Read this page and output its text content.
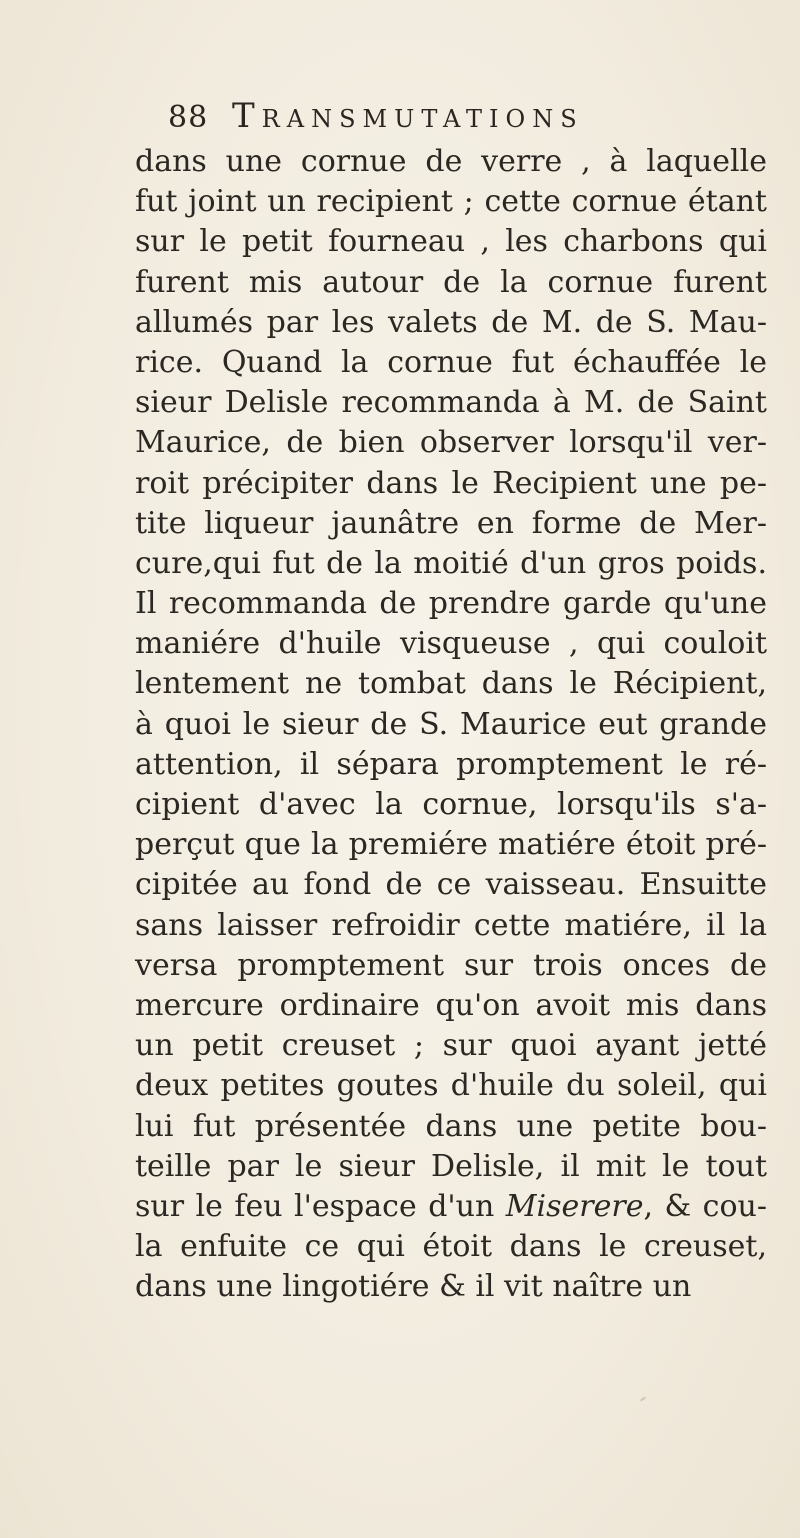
88 Transmutations
dans une cornue de verre , à laquelle
fut joint un recipient ; cette cornue étant
sur le petit fourneau , les charbons qui
furent mis autour de la cornue furent
allumés par les valets de M. de S. Mau-
rice. Quand la cornue fut échauffée le
sieur Delisle recommanda à M. de Saint
Maurice, de bien observer lorsqu'il ver-
roit précipiter dans le Recipient une pe-
tite liqueur jaunâtre en forme de Mer-
cure,qui fut de la moitié d'un gros poids.
Il recommanda de prendre garde qu'une
maniére d'huile visqueuse , qui couloit
lentement ne tombat dans le Récipient,
à quoi le sieur de S. Maurice eut grande
attention, il sépara promptement le ré-
cipient d'avec la cornue, lorsqu'ils s'a-
perçut que la premiére matiére étoit pré-
cipitée au fond de ce vaisseau. Ensuitte
sans laisser refroidir cette matiére, il la
versa promptement sur trois onces de
mercure ordinaire qu'on avoit mis dans
un petit creuset ; sur quoi ayant jetté
deux petites goutes d'huile du soleil, qui
lui fut présentée dans une petite bou-
teille par le sieur Delisle, il mit le tout
sur le feu l'espace d'un Miserere, & cou-
la enfuite ce qui étoit dans le creuset,
dans une lingotiére & il vit naître un
